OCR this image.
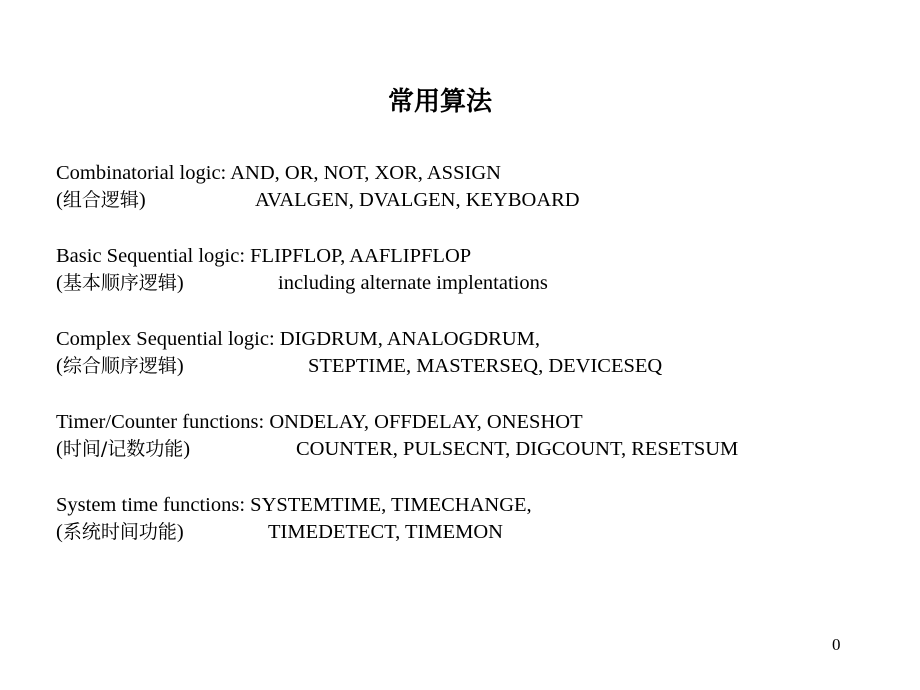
常用算法
Combinatorial logic: AND, OR, NOT, XOR, ASSIGN
(组合逻辑)	AVALGEN, DVALGEN, KEYBOARD
Basic Sequential logic: FLIPFLOP, AAFLIPFLOP
(基本顺序逻辑)	including alternate implentations
Complex Sequential logic: DIGDRUM, ANALOGDRUM,
(综合顺序逻辑)	STEPTIME, MASTERSEQ, DEVICESEQ
Timer/Counter functions: ONDELAY, OFFDELAY, ONESHOT
(时间/记数功能)	COUNTER, PULSECNT, DIGCOUNT, RESETSUM
System time functions: SYSTEMTIME, TIMECHANGE,
(系统时间功能)	TIMEDETECT, TIMEMON
0
